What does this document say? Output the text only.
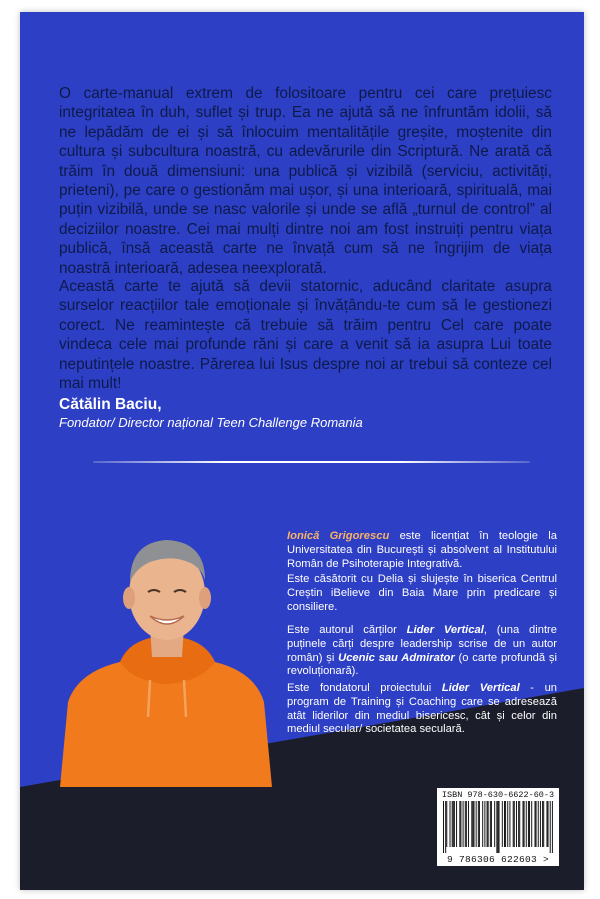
O carte-manual extrem de folositoare pentru cei care prețuiesc integritatea în duh, suflet și trup. Ea ne ajută să ne înfruntăm idolii, să ne lepădăm de ei și să înlocuim mentalitățile greșite, moștenite din cultura și subcultura noastră, cu adevărurile din Scriptură. Ne arată că trăim în două dimensiuni: una publică și vizibilă (serviciu, activități, prieteni), pe care o gestionăm mai ușor, și una interioară, spirituală, mai puțin vizibilă, unde se nasc valorile și unde se află „turnul de control” al deciziilor noastre. Cei mai mulți dintre noi am fost instruiți pentru viața publică, însă această carte ne învață cum să ne îngrijim de viața noastră interioară, adesea neexplorată.

Această carte te ajută să devii statornic, aducând claritate asupra surselor reacțiilor tale emoționale și învățându-te cum să le gestionezi corect. Ne reamintește că trebuie să trăim pentru Cel care poate vindeca cele mai profunde răni și care a venit să ia asupra Lui toate neputințele noastre. Părerea lui Isus despre noi ar trebui să conteze cel mai mult!

Cătălin Baciu,
Fondator/ Director național Teen Challenge Romania

Ionică Grigorescu este licențiat în teologie la Universitatea din București și absolvent al Institutului Român de Psihoterapie Integrativă.

Este căsătorit cu Delia și slujește în biserica Centrul Creștin iBelieve din Baia Mare prin predicare și consiliere.

Este autorul cărților Lider Vertical, (una dintre puținele cărți despre leadership scrise de un autor român) și Ucenic sau Admirator (o carte profundă și revoluționară).

Este fondatorul proiectului Lider Vertical - un program de Training și Coaching care se adresează atât liderilor din mediul bisericesc, cât și celor din mediul secular/ societatea seculară.

ISBN 978-630-6622-60-3
9 786306 622603 >
